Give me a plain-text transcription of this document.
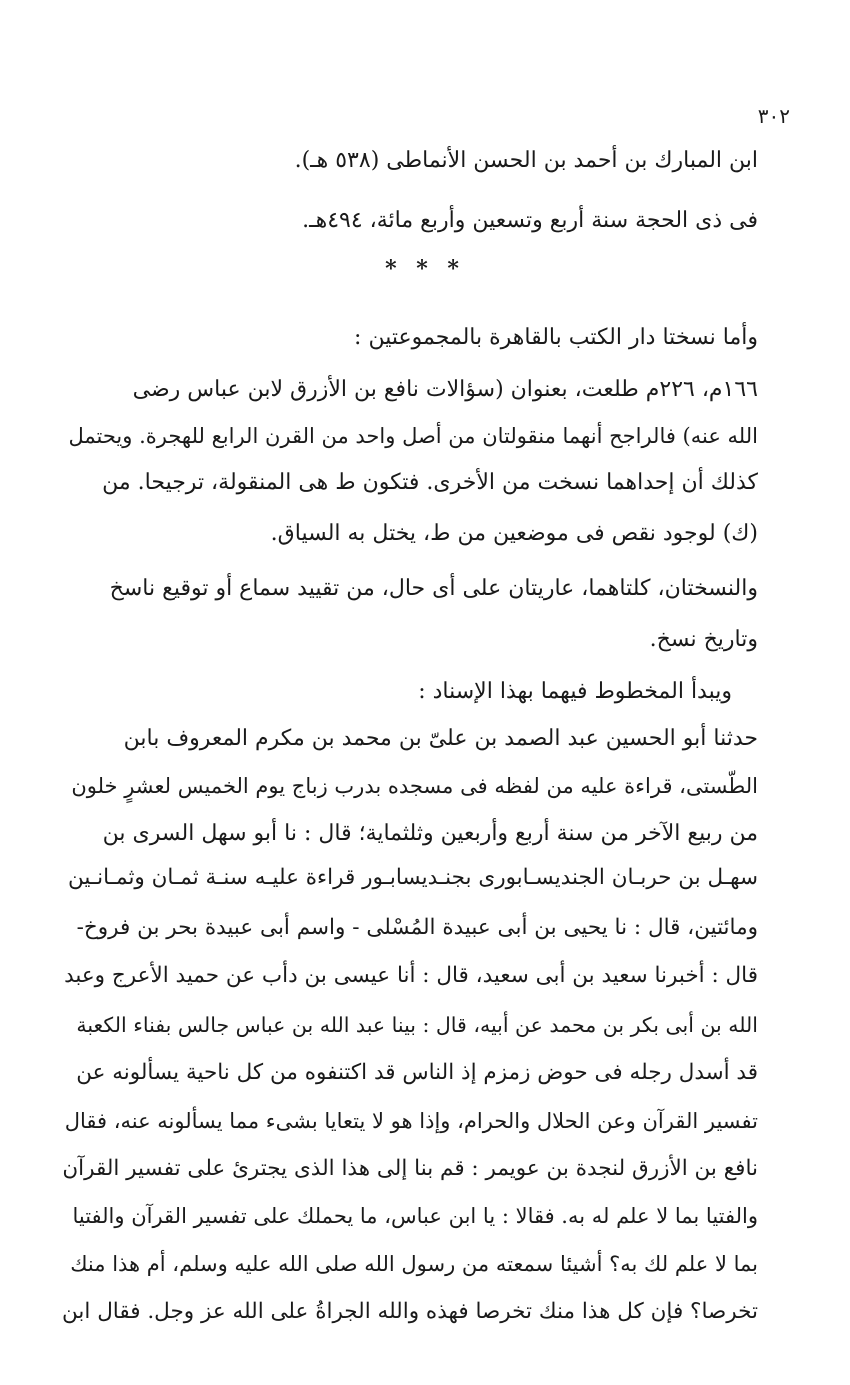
٣٠٢
ابن المبارك بن أحمد بن الحسن الأنماطى (٥٣٨ هـ).
فى ذى الحجة سنة أربع وتسعين وأربع مائة، ٤٩٤هـ.
* * *
وأما نسختا دار الكتب بالقاهرة بالمجموعتين :
١٦٦م، ٢٢٦م طلعت، بعنوان (سؤالات نافع بن الأزرق لابن عباس رضى
الله عنه) فالراجح أنهما منقولتان من أصل واحد من القرن الرابع للهجرة. ويحتمل
كذلك أن إحداهما نسخت من الأخرى. فتكون ط هى المنقولة، ترجيحا. من
(ك) لوجود نقص فى موضعين من ط، يختل به السياق.
والنسختان، كلتاهما، عاريتان على أى حال، من تقييد سماع أو توقيع ناسخ
وتاريخ نسخ.
ويبدأ المخطوط فيهما بهذا الإسناد :
حدثنا أبو الحسين عبد الصمد بن علىّ بن محمد بن مكرم المعروف بابن
الطّستى، قراءة عليه من لفظه فى مسجده بدرب زباج يوم الخميس لعشرٍ خلون
من ربيع الآخر من سنة أربع وأربعين وثلثماية؛ قال : نا أبو سهل السرى بن
سهـل بن حربـان الجنديسـابورى بجنـديسابـور قراءة عليـه سنـة ثمـان وثمـانـين
ومائتين، قال : نا يحيى بن أبى عبيدة المُسْلى - واسم أبى عبيدة بحر بن فروخ-
قال : أخبرنا سعيد بن أبى سعيد، قال : أنا عيسى بن دأب عن حميد الأعرج وعبد
الله بن أبى بكر بن محمد عن أبيه، قال : بينا عبد الله بن عباس جالس بفناء الكعبة
قد أسدل رجله فى حوض زمزم إذ الناس قد اكتنفوه من كل ناحية يسألونه عن
تفسير القرآن وعن الحلال والحرام، وإذا هو لا يتعايا بشىء مما يسألونه عنه، فقال
نافع بن الأزرق لنجدة بن عويمر : قم بنا إلى هذا الذى يجترئ على تفسير القرآن
والفتيا بما لا علم له به. فقالا : يا ابن عباس، ما يحملك على تفسير القرآن والفتيا
بما لا علم لك به؟ أشيئا سمعته من رسول الله صلى الله عليه وسلم، أم هذا منك
تخرصا؟ فإن كل هذا منك تخرصا فهذه والله الجراةُ على الله عز وجل. فقال ابن
